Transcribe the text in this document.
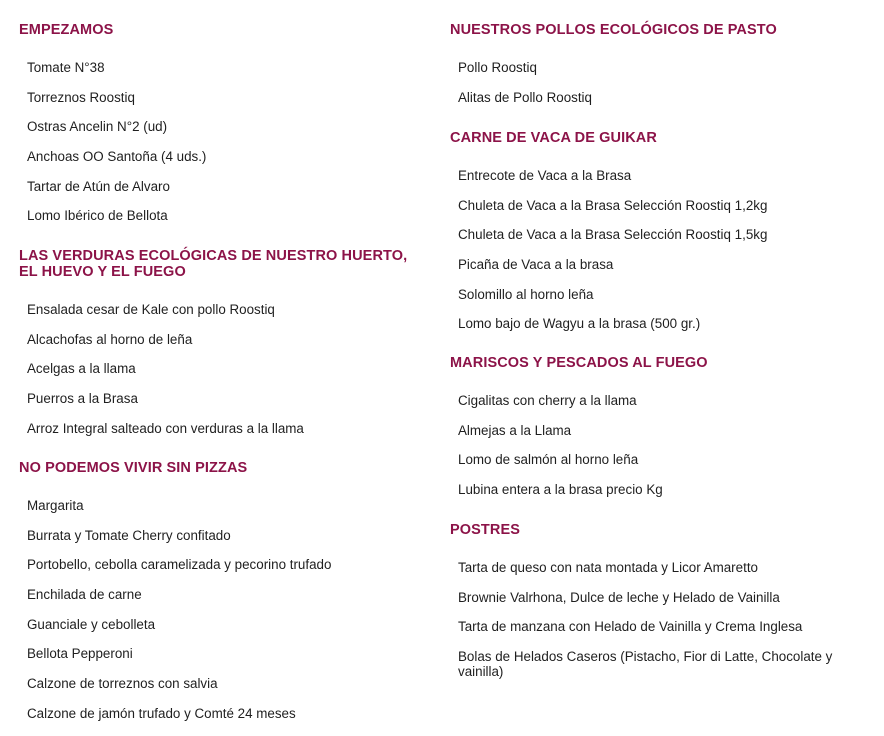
EMPEZAMOS
Tomate N°38
Torreznos Roostiq
Ostras Ancelin N°2 (ud)
Anchoas OO Santoña (4 uds.)
Tartar de Atún de Alvaro
Lomo Ibérico de Bellota
LAS VERDURAS ECOLÓGICAS DE NUESTRO HUERTO, EL HUEVO Y EL FUEGO
Ensalada cesar de Kale con pollo Roostiq
Alcachofas al horno de leña
Acelgas a la llama
Puerros a la Brasa
Arroz Integral salteado con verduras a la llama
NO PODEMOS VIVIR SIN PIZZAS
Margarita
Burrata y Tomate Cherry confitado
Portobello, cebolla caramelizada y pecorino trufado
Enchilada de carne
Guanciale y cebolleta
Bellota Pepperoni
Calzone de torreznos con salvia
Calzone de jamón trufado y Comté 24 meses
NUESTROS POLLOS ECOLÓGICOS DE PASTO
Pollo Roostiq
Alitas de Pollo Roostiq
CARNE DE VACA DE GUIKAR
Entrecote de Vaca a la Brasa
Chuleta de Vaca a la Brasa Selección Roostiq 1,2kg
Chuleta de Vaca a la Brasa Selección Roostiq 1,5kg
Picaña de Vaca a la brasa
Solomillo al horno leña
Lomo bajo de Wagyu a la brasa (500 gr.)
MARISCOS Y PESCADOS AL FUEGO
Cigalitas con cherry a la llama
Almejas a la Llama
Lomo de salmón al horno leña
Lubina entera a la brasa precio Kg
POSTRES
Tarta de queso con nata montada y Licor Amaretto
Brownie Valrhona, Dulce de leche y Helado de Vainilla
Tarta de manzana con Helado de Vainilla y Crema Inglesa
Bolas de Helados Caseros (Pistacho, Fior di Latte, Chocolate y vainilla)
